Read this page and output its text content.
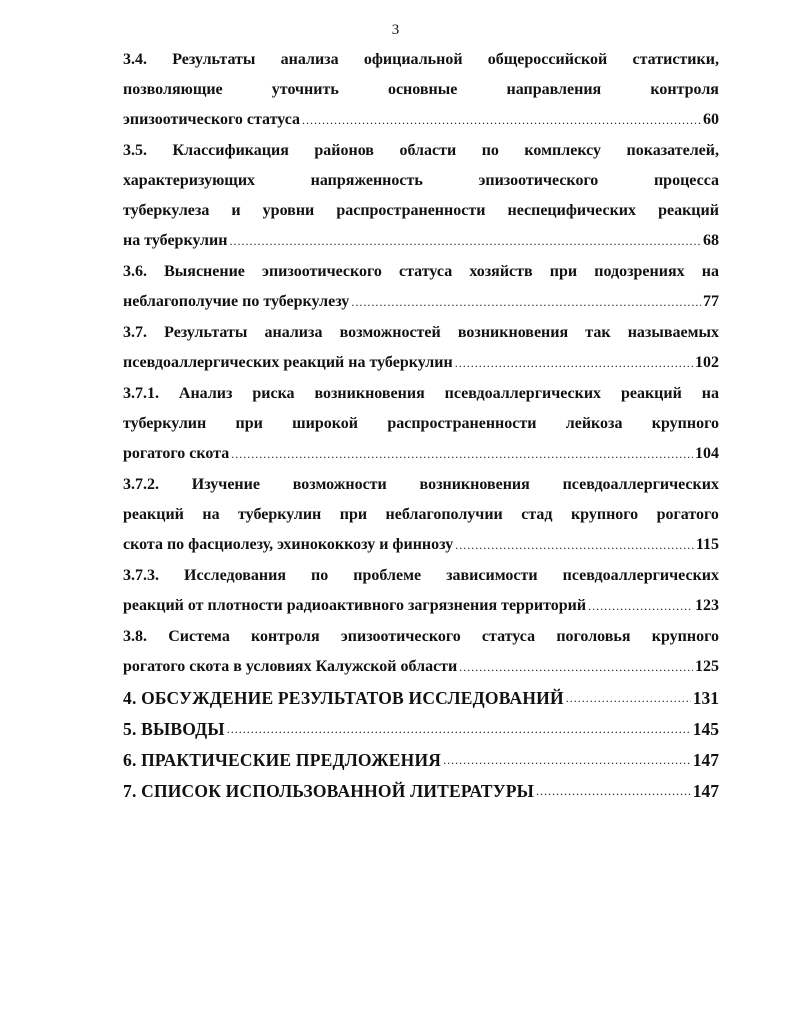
3
3.4. Результаты анализа официальной общероссийской статистики,
позволяющие	уточнить	основные	направления	контроля
эпизоотического статуса .....	60
3.5. Классификация районов области по комплексу показателей,
характеризующих	напряженность	эпизоотического	процесса
туберкулеза и уровни распространенности неспецифических реакций
на туберкулин .....	68
3.6. Выяснение эпизоотического статуса хозяйств при подозрениях на
неблагополучие по туберкулезу .....	77
3.7. Результаты анализа возможностей возникновения так называемых
псевдоаллергических реакций на туберкулин .....	102
3.7.1. Анализ риска возникновения псевдоаллергических реакций на
туберкулин при широкой распространенности лейкоза крупного
рогатого скота .....	104
3.7.2. Изучение возможности возникновения псевдоаллергических
реакций на туберкулин при неблагополучии стад крупного рогатого
скота по фасциолезу, эхинококкозу и финнозу .....	115
3.7.3. Исследования по проблеме зависимости псевдоаллергических
реакций от плотности радиоактивного загрязнения территорий .....	123
3.8. Система контроля эпизоотического статуса поголовья крупного
рогатого скота в условиях Калужской области .....	125
4. ОБСУЖДЕНИЕ РЕЗУЛЬТАТОВ ИССЛЕДОВАНИЙ .....	131
5. ВЫВОДЫ .....	145
6. ПРАКТИЧЕСКИЕ ПРЕДЛОЖЕНИЯ .....	147
7. СПИСОК ИСПОЛЬЗОВАННОЙ ЛИТЕРАТУРЫ .....	147
